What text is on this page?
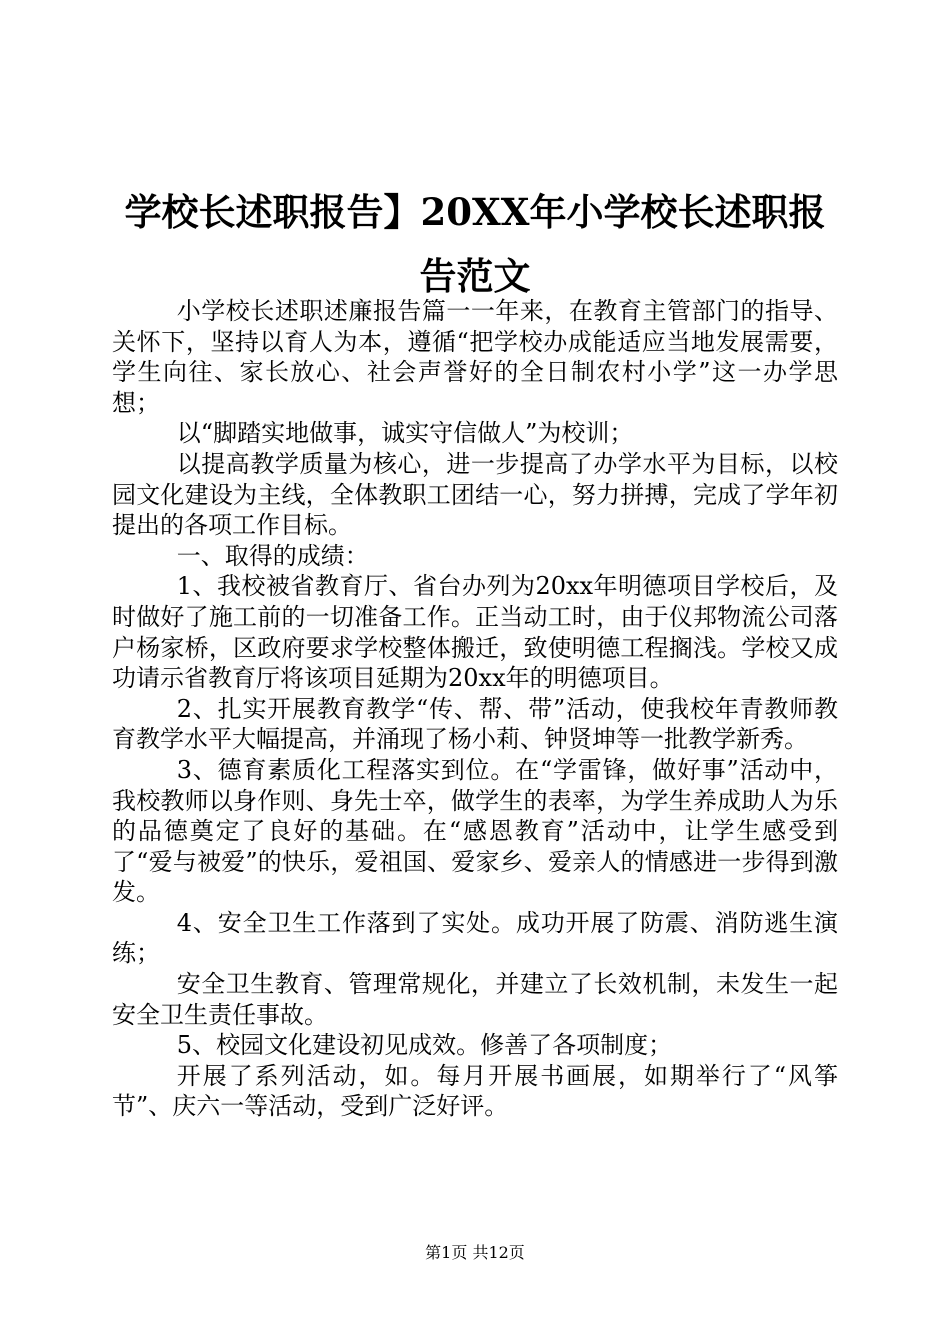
学校长述职报告】20XX年小学校长述职报告范文

小学校长述职述廉报告篇一一年来，在教育主管部门的指导、关怀下，坚持以育人为本，遵循“把学校办成能适应当地发展需要，学生向往、家长放心、社会声誉好的全日制农村小学”这一办学思想；

以“脚踏实地做事，诚实守信做人”为校训；

以提高教学质量为核心，进一步提高了办学水平为目标，以校园文化建设为主线，全体教职工团结一心，努力拼搏，完成了学年初提出的各项工作目标。

一、取得的成绩：

1、我校被省教育厅、省台办列为20xx年明德项目学校后，及时做好了施工前的一切准备工作。正当动工时，由于仪邦物流公司落户杨家桥，区政府要求学校整体搬迁，致使明德工程搁浅。学校又成功请示省教育厅将该项目延期为20xx年的明德项目。

2、扎实开展教育教学“传、帮、带”活动，使我校年青教师教育教学水平大幅提高，并涌现了杨小莉、钟贤坤等一批教学新秀。

3、德育素质化工程落实到位。在“学雷锋，做好事”活动中，我校教师以身作则、身先士卒，做学生的表率，为学生养成助人为乐的品德奠定了良好的基础。在“感恩教育”活动中，让学生感受到了“爱与被爱”的快乐，爱祖国、爱家乡、爱亲人的情感进一步得到激发。

4、安全卫生工作落到了实处。成功开展了防震、消防逃生演练；

安全卫生教育、管理常规化，并建立了长效机制，未发生一起安全卫生责任事故。

5、校园文化建设初见成效。修善了各项制度；

开展了系列活动，如。每月开展书画展，如期举行了“风筝节”、庆六一等活动，受到广泛好评。

第1页 共12页
